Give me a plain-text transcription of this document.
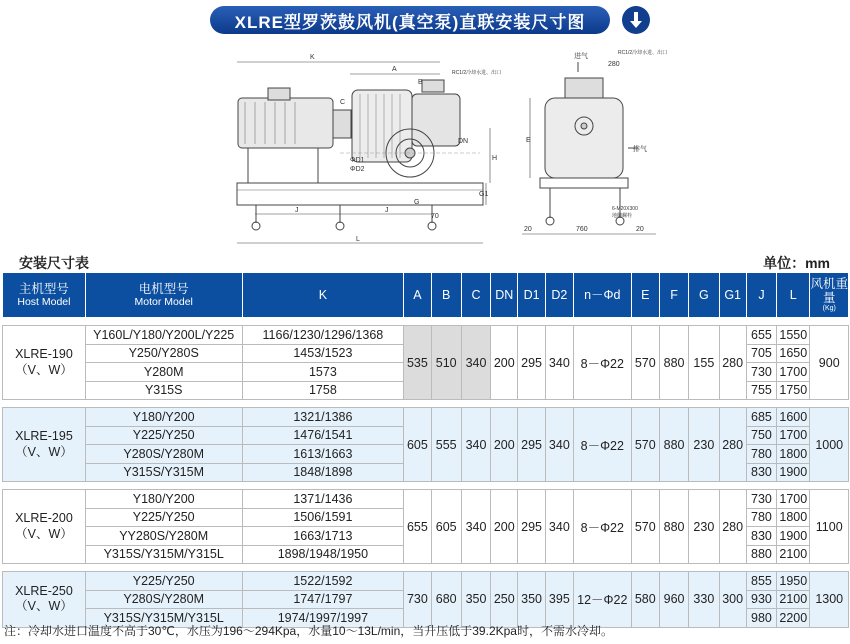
XLRE型罗茨鼓风机(真空泵)直联安装尺寸图
K
A
B
C
ΦD1
ΦD2
DN
H
G1
G
70
J	J
L
RC1/2冷却水进、出口
E
进气
280
RC1/2冷却水进、出口
排气
6-M20X300
地脚螺栓
20	760	20
安装尺寸表	单位：mm
主机型号
Host Model	电机型号
Motor Model	K	A	B	C	DN	D1	D2	n－Φd	E	F	G	G1	J	L	风机重量
(Kg)

XLRE-190
（V、W）	Y160L/Y180/Y200L/Y225	1166/1230/1296/1368	535	510	340	200	295	340	8－Φ22	570	880	155	280	655	1550	900
	Y250/Y280S	1453/1523												705	1650	
	Y280M	1573												730	1700	
	Y315S	1758												755	1750	

XLRE-195
（V、W）	Y180/Y200	1321/1386	605	555	340	200	295	340	8－Φ22	570	880	230	280	685	1600	1000
	Y225/Y250	1476/1541												750	1700	
	Y280S/Y280M	1613/1663												780	1800	
	Y315S/Y315M	1848/1898												830	1900	

XLRE-200
（V、W）	Y180/Y200	1371/1436	655	605	340	200	295	340	8－Φ22	570	880	230	280	730	1700	1100
	Y225/Y250	1506/1591												780	1800	
	YY280S/Y280M	1663/1713												830	1900	
	Y315S/Y315M/Y315L	1898/1948/1950												880	2100	

XLRE-250
（V、W）	Y225/Y250	1522/1592	730	680	350	250	350	395	12－Φ22	580	960	330	300	855	1950	1300
	Y280S/Y280M	1747/1797												930	2100	
	Y315S/Y315M/Y315L	1974/1997/1997												980	2200	
注：冷却水进口温度不高于30℃，水压为196～294Kpa，水量10～13L/min，当升压低于39.2Kpa时，不需水冷却。
